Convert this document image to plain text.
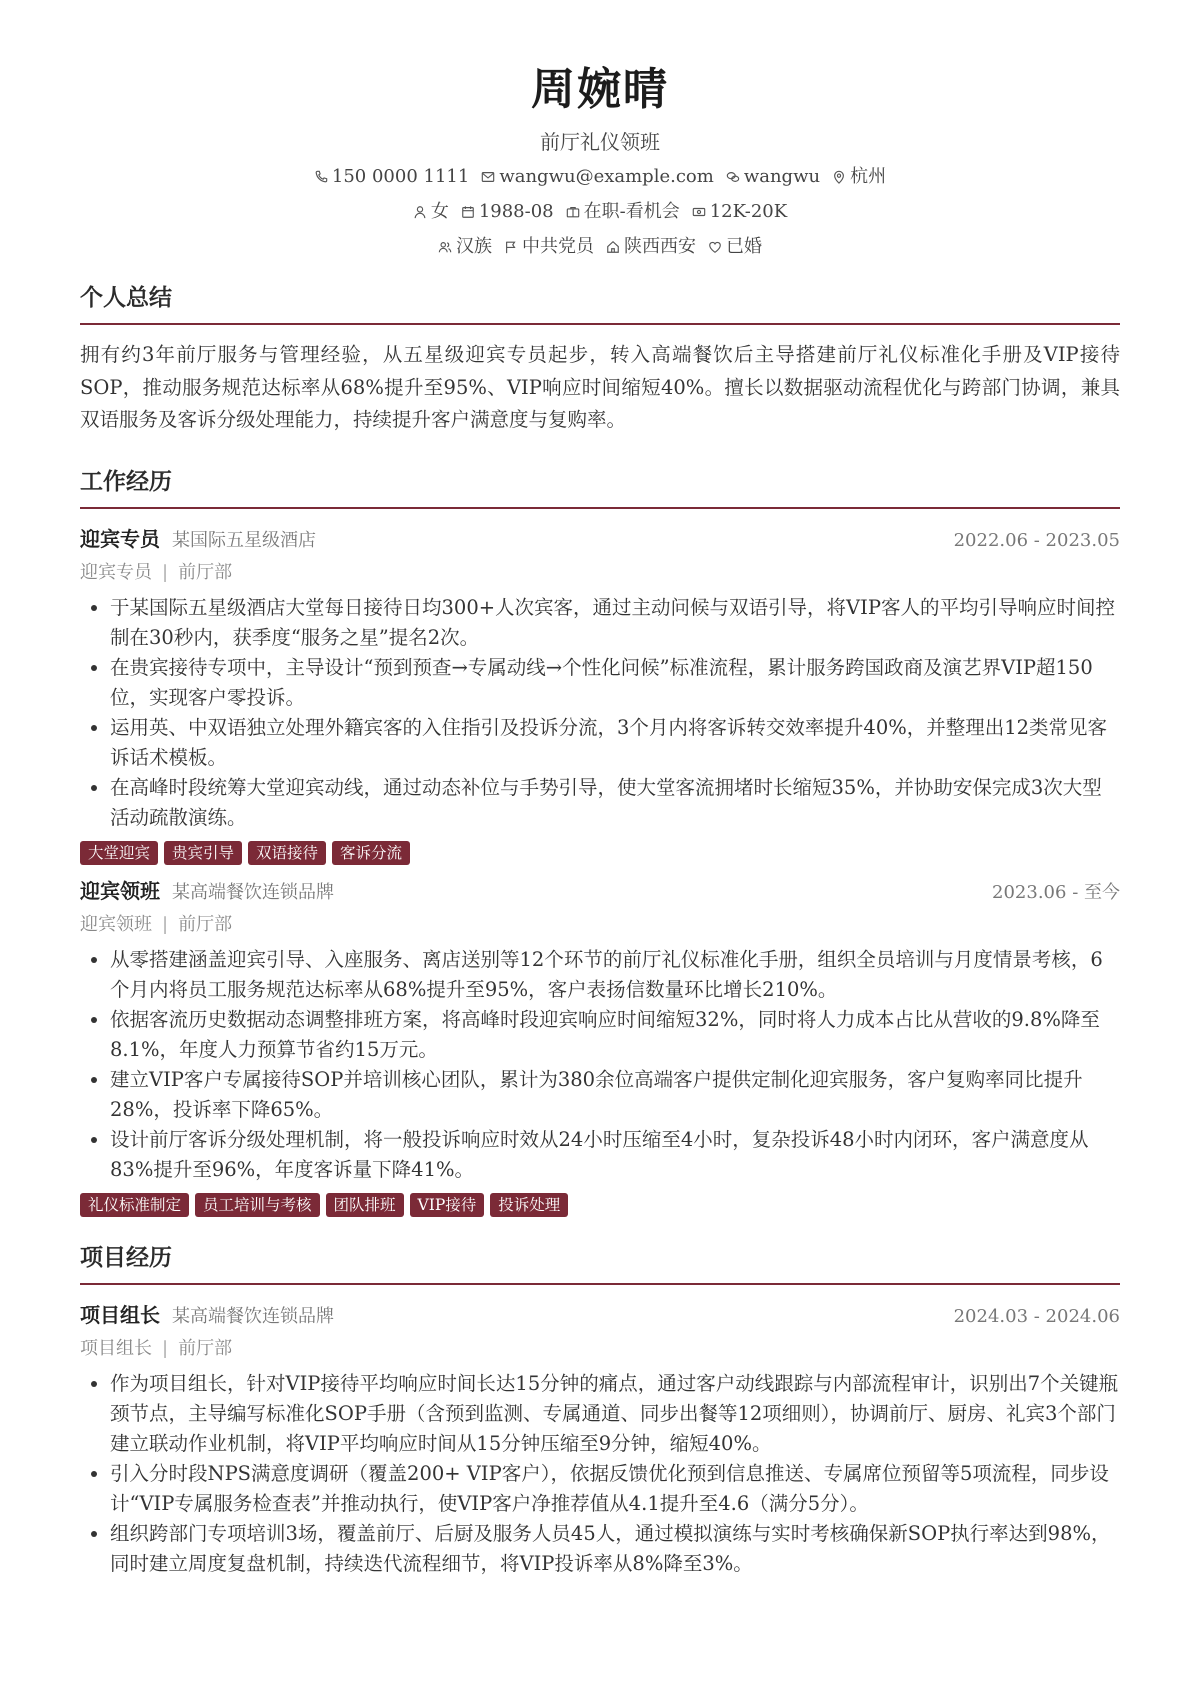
周婉晴
前厅礼仪领班
150 0000 1111 wangwu@example.com wangwu 杭州
女 1988-08 在职-看机会 12K-20K
汉族 中共党员 陕西西安 已婚
个人总结
拥有约3年前厅服务与管理经验，从五星级迎宾专员起步，转入高端餐饮后主导搭建前厅礼仪标准化手册及VIP接待SOP，推动服务规范达标率从68%提升至95%、VIP响应时间缩短40%。擅长以数据驱动流程优化与跨部门协调，兼具双语服务及客诉分级处理能力，持续提升客户满意度与复购率。
工作经历
迎宾专员 某国际五星级酒店	2022.06 - 2023.05
迎宾专员 | 前厅部
• 于某国际五星级酒店大堂每日接待日均300+人次宾客，通过主动问候与双语引导，将VIP客人的平均引导响应时间控制在30秒内，获季度“服务之星”提名2次。
• 在贵宾接待专项中，主导设计“预到预查→专属动线→个性化问候”标准流程，累计服务跨国政商及演艺界VIP超150位，实现客户零投诉。
• 运用英、中双语独立处理外籍宾客的入住指引及投诉分流，3个月内将客诉转交效率提升40%，并整理出12类常见客诉话术模板。
• 在高峰时段统筹大堂迎宾动线，通过动态补位与手势引导，使大堂客流拥堵时长缩短35%，并协助安保完成3次大型活动疏散演练。
大堂迎宾	贵宾引导	双语接待	客诉分流
迎宾领班 某高端餐饮连锁品牌	2023.06 - 至今
迎宾领班 | 前厅部
• 从零搭建涵盖迎宾引导、入座服务、离店送别等12个环节的前厅礼仪标准化手册，组织全员培训与月度情景考核，6个月内将员工服务规范达标率从68%提升至95%，客户表扬信数量环比增长210%。
• 依据客流历史数据动态调整排班方案，将高峰时段迎宾响应时间缩短32%，同时将人力成本占比从营收的9.8%降至8.1%，年度人力预算节省约15万元。
• 建立VIP客户专属接待SOP并培训核心团队，累计为380余位高端客户提供定制化迎宾服务，客户复购率同比提升28%，投诉率下降65%。
• 设计前厅客诉分级处理机制，将一般投诉响应时效从24小时压缩至4小时，复杂投诉48小时内闭环，客户满意度从83%提升至96%，年度客诉量下降41%。
礼仪标准制定	员工培训与考核	团队排班	VIP接待	投诉处理
项目经历
项目组长 某高端餐饮连锁品牌	2024.03 - 2024.06
项目组长 | 前厅部
• 作为项目组长，针对VIP接待平均响应时间长达15分钟的痛点，通过客户动线跟踪与内部流程审计，识别出7个关键瓶颈节点，主导编写标准化SOP手册（含预到监测、专属通道、同步出餐等12项细则），协调前厅、厨房、礼宾3个部门建立联动作业机制，将VIP平均响应时间从15分钟压缩至9分钟，缩短40%。
• 引入分时段NPS满意度调研（覆盖200+ VIP客户），依据反馈优化预到信息推送、专属席位预留等5项流程，同步设计“VIP专属服务检查表”并推动执行，使VIP客户净推荐值从4.1提升至4.6（满分5分）。
• 组织跨部门专项培训3场，覆盖前厅、后厨及服务人员45人，通过模拟演练与实时考核确保新SOP执行率达到98%，同时建立周度复盘机制，持续迭代流程细节，将VIP投诉率从8%降至3%。
